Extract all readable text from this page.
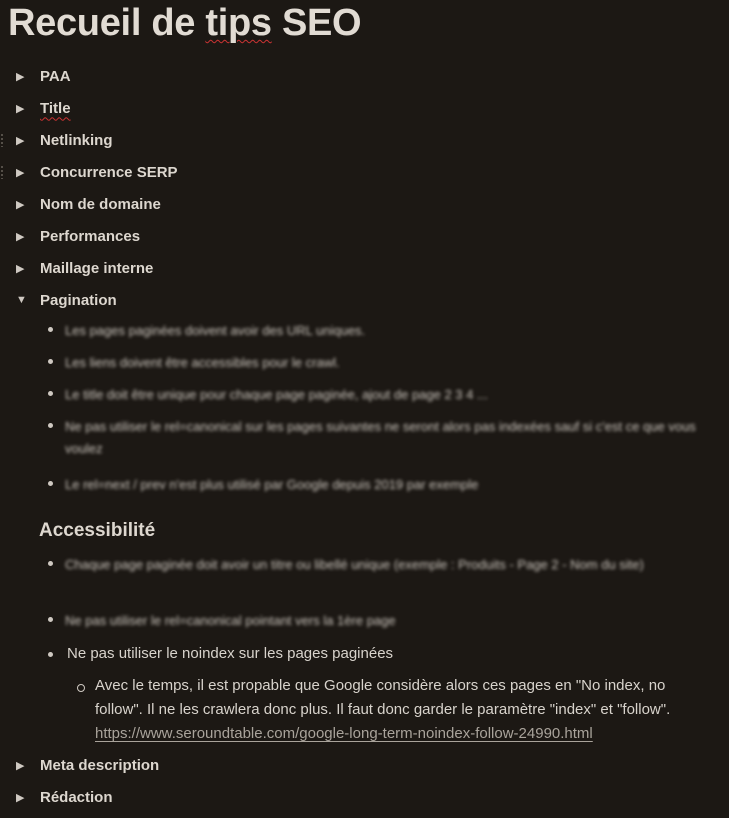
Recueil de tips SEO
▶	PAA
▶	Title
▶	Netlinking
▶	Concurrence SERP
▶	Nom de domaine
▶	Performances
▶	Maillage interne
▼ Pagination
Les pages paginées doivent avoir des URL uniques.
Les liens doivent être accessibles pour le crawl.
Le title doit être unique pour chaque page paginée, ajout de page 2 3 4 ...
Ne pas utiliser le rel=canonical sur les pages suivantes ne seront alors pas indexées sauf si c'est ce que vous voulez
Le rel=next / prev n'est plus utilisé par Google depuis 2019 par exemple
Accessibilité
Chaque page paginée doit avoir un titre ou libellé unique (exemple : Produits - Page 2 - Nom du site)
Ne pas utiliser le rel=canonical pointant vers la 1ère page
Ne pas utiliser le noindex sur les pages paginées
Avec le temps, il est propable que Google considère alors ces pages en "No index, no
follow". Il ne les crawlera donc plus. Il faut donc garder le paramètre "index" et "follow".
https://www.seroundtable.com/google-long-term-noindex-follow-24990.html
▶	Meta description
▶	Rédaction
